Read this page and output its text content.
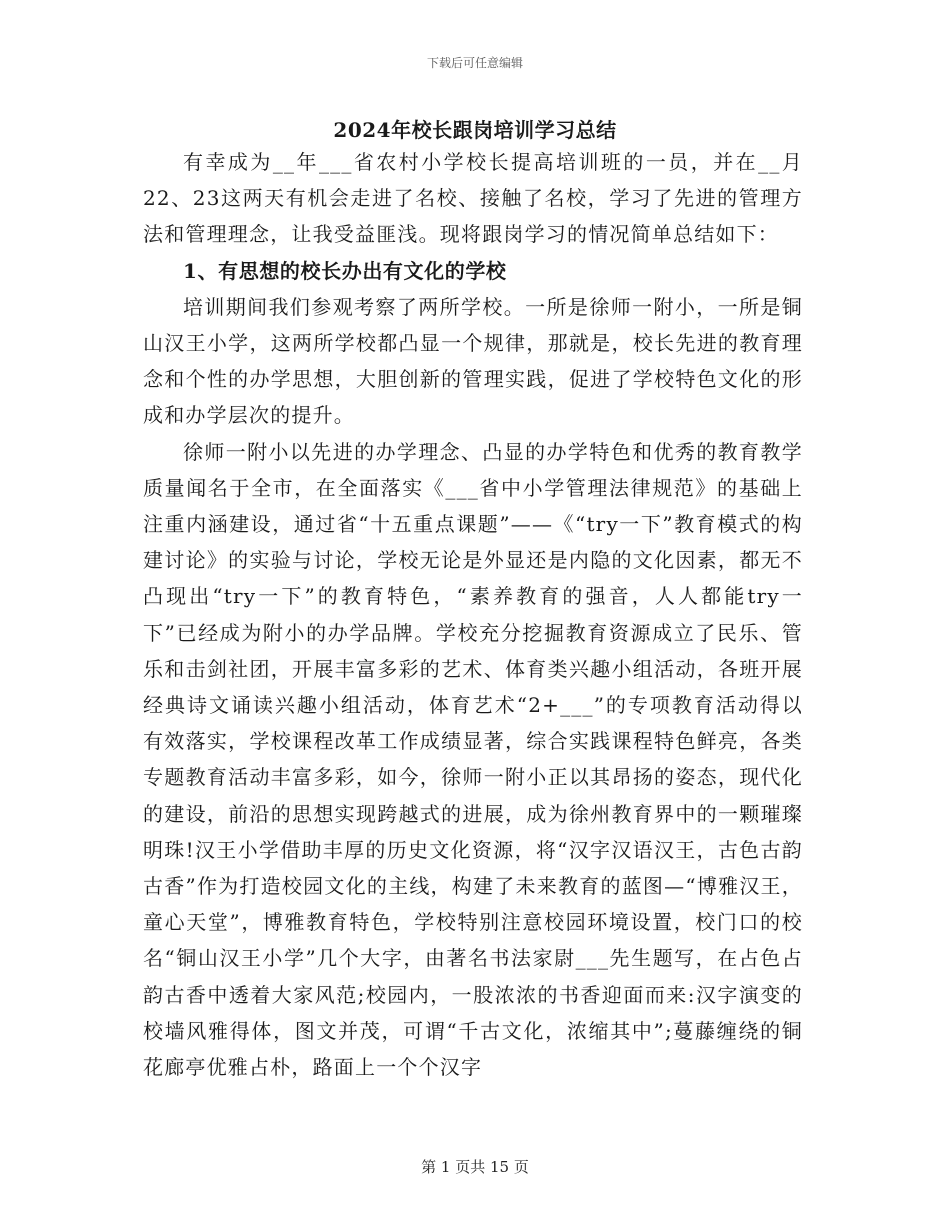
下载后可任意编辑
2024年校长跟岗培训学习总结

有幸成为__年___省农村小学校长提高培训班的一员，并在__月22、23这两天有机会走进了名校、接触了名校，学习了先进的管理方法和管理理念，让我受益匪浅。现将跟岗学习的情况简单总结如下：

1、有思想的校长办出有文化的学校

培训期间我们参观考察了两所学校。一所是徐师一附小，一所是铜山汉王小学，这两所学校都凸显一个规律，那就是，校长先进的教育理念和个性的办学思想，大胆创新的管理实践，促进了学校特色文化的形成和办学层次的提升。

徐师一附小以先进的办学理念、凸显的办学特色和优秀的教育教学质量闻名于全市，在全面落实《___省中小学管理法律规范》的基础上注重内涵建设，通过省“十五重点课题”——《“try一下”教育模式的构建讨论》的实验与讨论，学校无论是外显还是内隐的文化因素，都无不凸现出“try一下”的教育特色，“素养教育的强音，人人都能try一下”已经成为附小的办学品牌。学校充分挖掘教育资源成立了民乐、管乐和击剑社团，开展丰富多彩的艺术、体育类兴趣小组活动，各班开展经典诗文诵读兴趣小组活动，体育艺术“2+___”的专项教育活动得以有效落实，学校课程改革工作成绩显著，综合实践课程特色鲜亮，各类专题教育活动丰富多彩，如今，徐师一附小正以其昂扬的姿态，现代化的建设，前沿的思想实现跨越式的进展，成为徐州教育界中的一颗璀璨明珠!汉王小学借助丰厚的历史文化资源，将“汉字汉语汉王，古色古韵古香”作为打造校园文化的主线，构建了未来教育的蓝图—“博雅汉王，童心天堂”，博雅教育特色，学校特别注意校园环境设置，校门口的校名“铜山汉王小学”几个大字，由著名书法家尉___先生题写，在占色占韵古香中透着大家风范;校园内，一股浓浓的书香迎面而来:汉字演变的校墙风雅得体，图文并茂，可谓“千古文化，浓缩其中”;蔓藤缠绕的铜花廊亭优雅占朴，路面上一个个汉字

第 1 页共 15 页
